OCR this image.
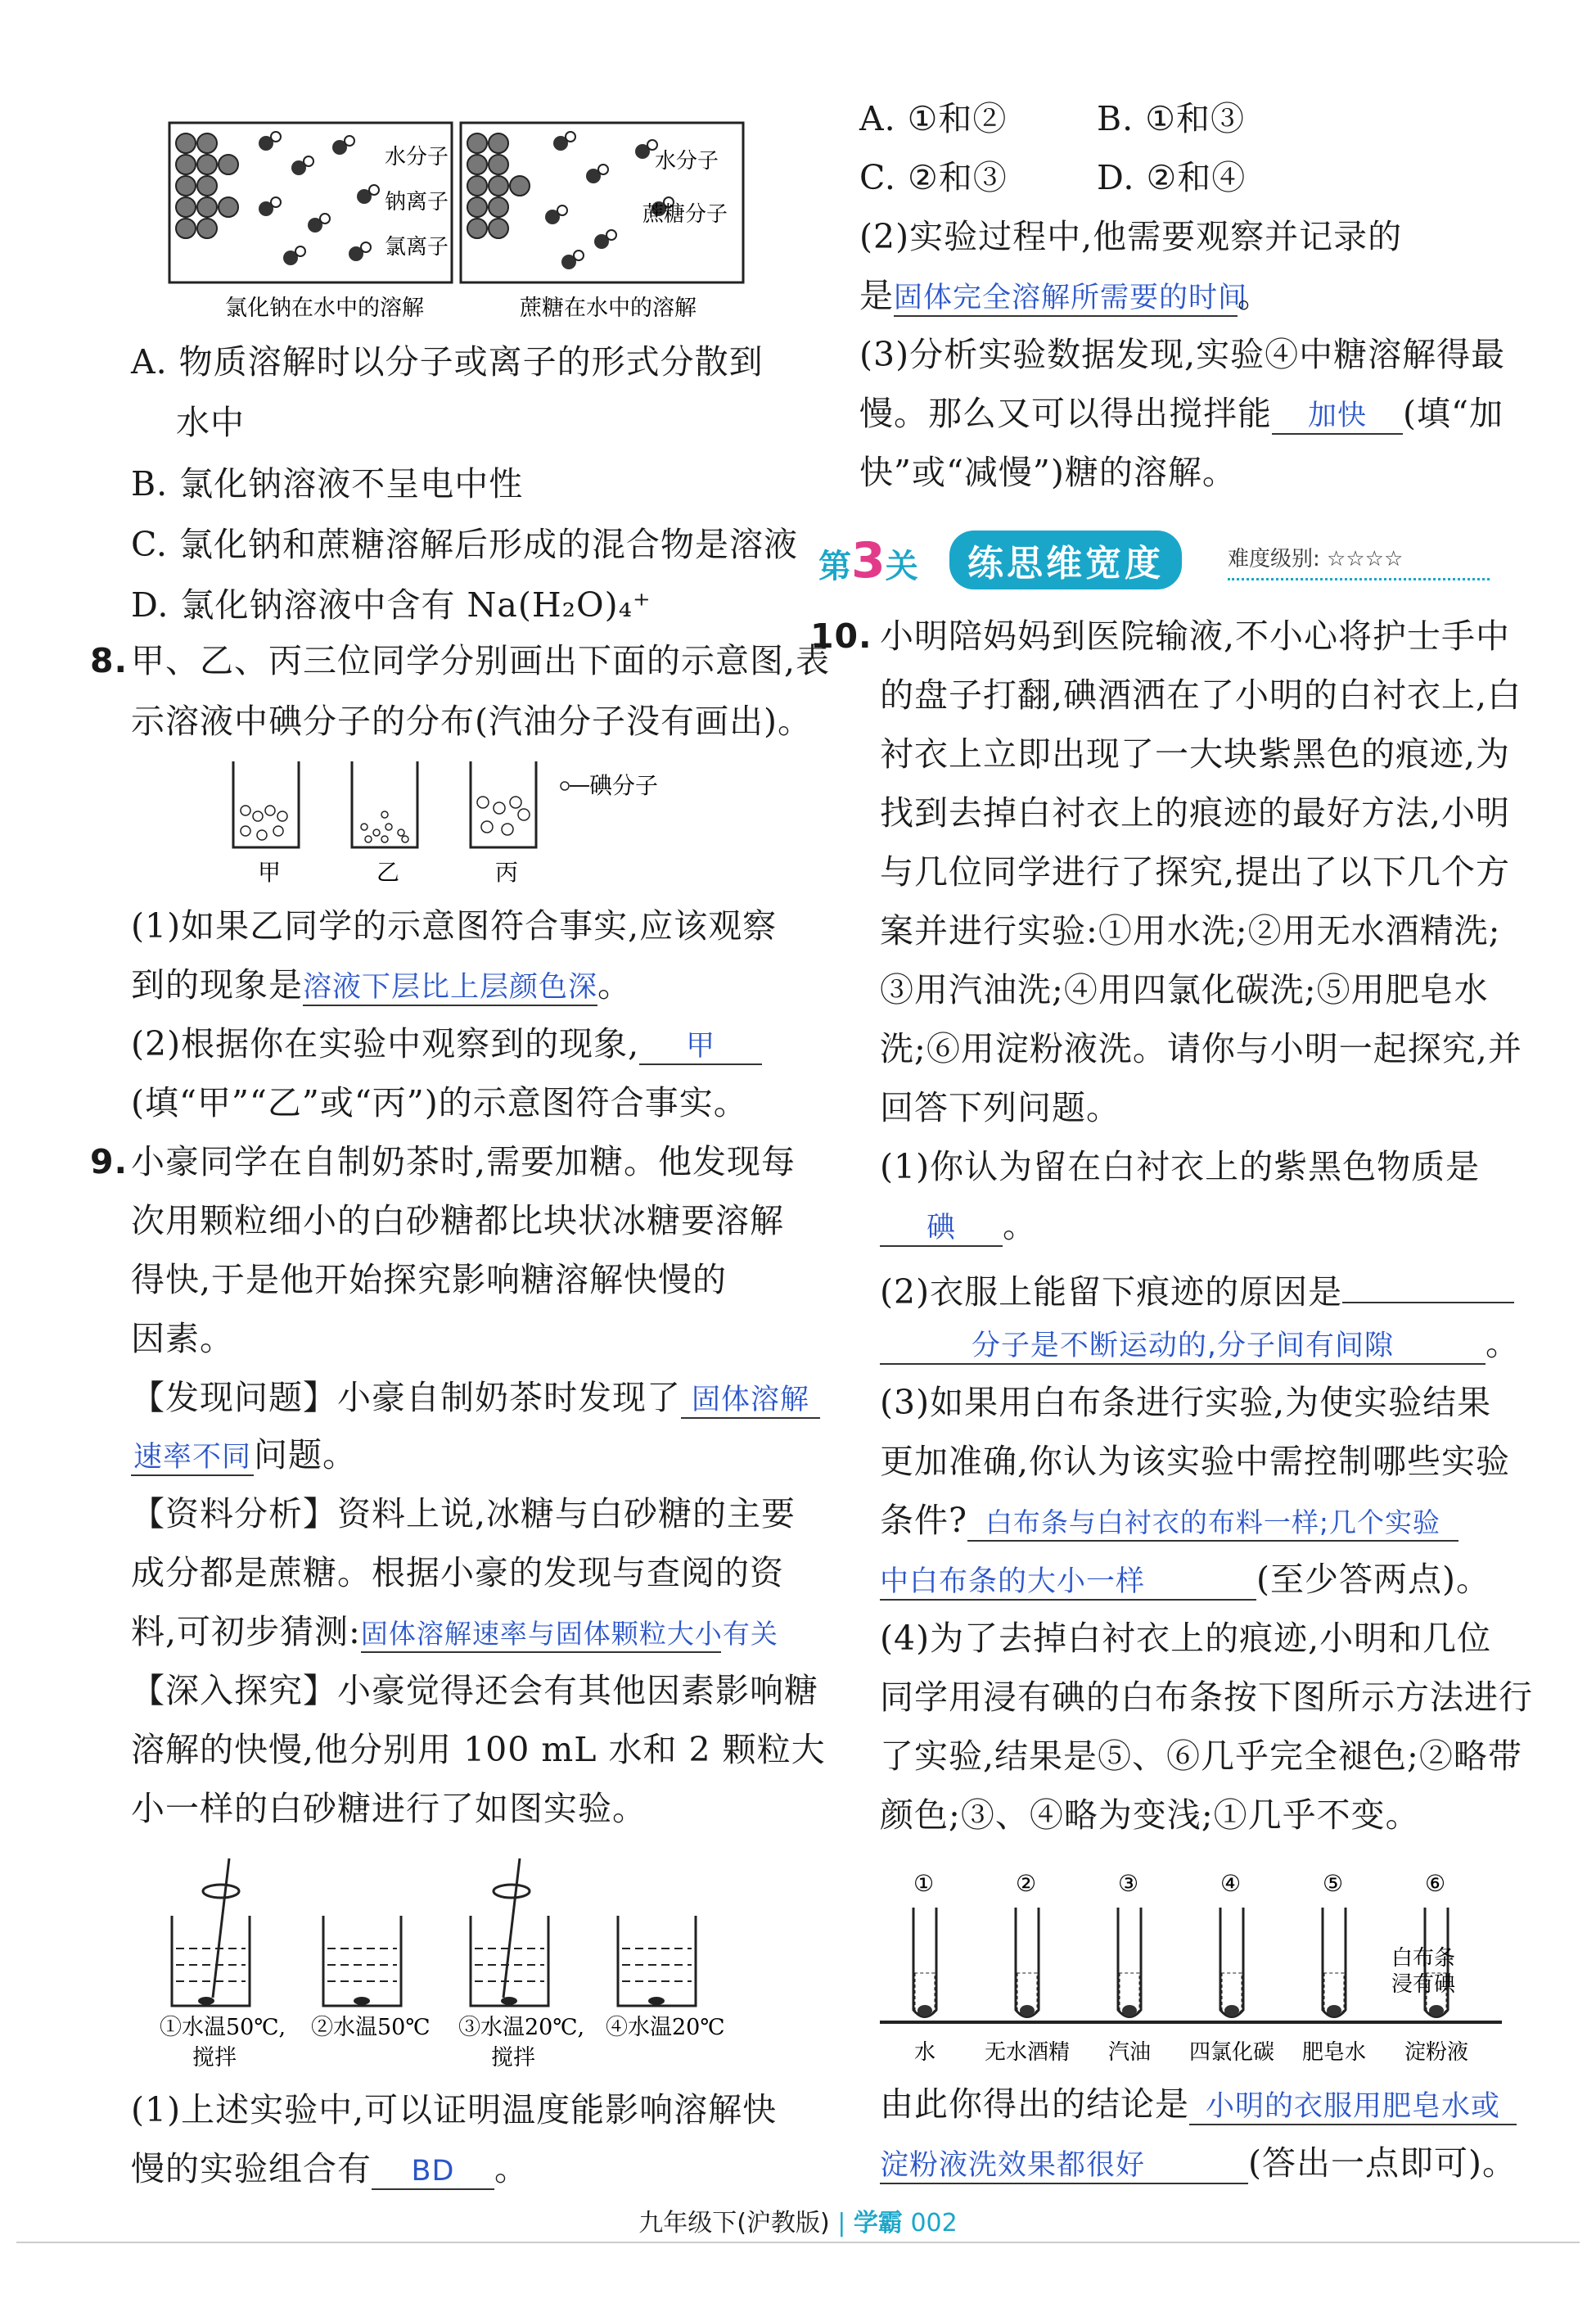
水分子
钠离子
氯离子
水分子
蔗糖分子
氯化钠在水中的溶解	蔗糖在水中的溶解
A. 物质溶解时以分子或离子的形式分散到
水中
B. 氯化钠溶液不呈电中性
C. 氯化钠和蔗糖溶解后形成的混合物是溶液
D. 氯化钠溶液中含有 Na(H₂O)₄⁺
8. 甲、乙、丙三位同学分别画出下面的示意图,表
示溶液中碘分子的分布(汽油分子没有画出)。
碘分子
甲	乙	丙
(1)如果乙同学的示意图符合事实,应该观察
到的现象是溶液下层比上层颜色深。
(2)根据你在实验中观察到的现象, 甲
(填“甲”“乙”或“丙”)的示意图符合事实。
9. 小豪同学在自制奶茶时,需要加糖。他发现每
次用颗粒细小的白砂糖都比块状冰糖要溶解
得快,于是他开始探究影响糖溶解快慢的
因素。
【发现问题】小豪自制奶茶时发现了 固体溶解
速率不同问题。
【资料分析】资料上说,冰糖与白砂糖的主要
成分都是蔗糖。根据小豪的发现与查阅的资
料,可初步猜测:固体溶解速率与固体颗粒大小有关
【深入探究】小豪觉得还会有其他因素影响糖
溶解的快慢,他分别用 100 mL 水和 2 颗粒大
小一样的白砂糖进行了如图实验。
①水温50℃,
搅拌
②水温50℃ ③水温20℃,
搅拌
④水温20℃
(1)上述实验中,可以证明温度能影响溶解快
慢的实验组合有 BD 。
A. ①和②	B. ①和③
C. ②和③	D. ②和④
(2)实验过程中,他需要观察并记录的
是固体完全溶解所需要的时间。
(3)分析实验数据发现,实验④中糖溶解得最
慢。那么又可以得出搅拌能 加快 (填“加
快”或“减慢”)糖的溶解。
第3关	练思维宽度	难度级别: ☆☆☆☆
10. 小明陪妈妈到医院输液,不小心将护士手中
的盘子打翻,碘酒洒在了小明的白衬衣上,白
衬衣上立即出现了一大块紫黑色的痕迹,为
找到去掉白衬衣上的痕迹的最好方法,小明
与几位同学进行了探究,提出了以下几个方
案并进行实验:①用水洗;②用无水酒精洗;
③用汽油洗;④用四氯化碳洗;⑤用肥皂水
洗;⑥用淀粉液洗。请你与小明一起探究,并
回答下列问题。
(1)你认为留在白衬衣上的紫黑色物质是
碘 。
(2)衣服上能留下痕迹的原因是
分子是不断运动的,分子间有间隙	。
(3)如果用白布条进行实验,为使实验结果
更加准确,你认为该实验中需控制哪些实验
条件? 白布条与白衬衣的布料一样;几个实验
中白布条的大小一样	(至少答两点)。
(4)为了去掉白衬衣上的痕迹,小明和几位
同学用浸有碘的白布条按下图所示方法进行
了实验,结果是⑤、⑥几乎完全褪色;②略带
颜色;③、④略为变浅;①几乎不变。
①
水
②
无水酒精
③
汽油
④
四氯化碳
⑤
肥皂水
⑥
淀粉液
白布条
浸有碘
由此你得出的结论是 小明的衣服用肥皂水或
淀粉液洗效果都很好	(答出一点即可)。
九年级下(沪教版) | 学霸 002
